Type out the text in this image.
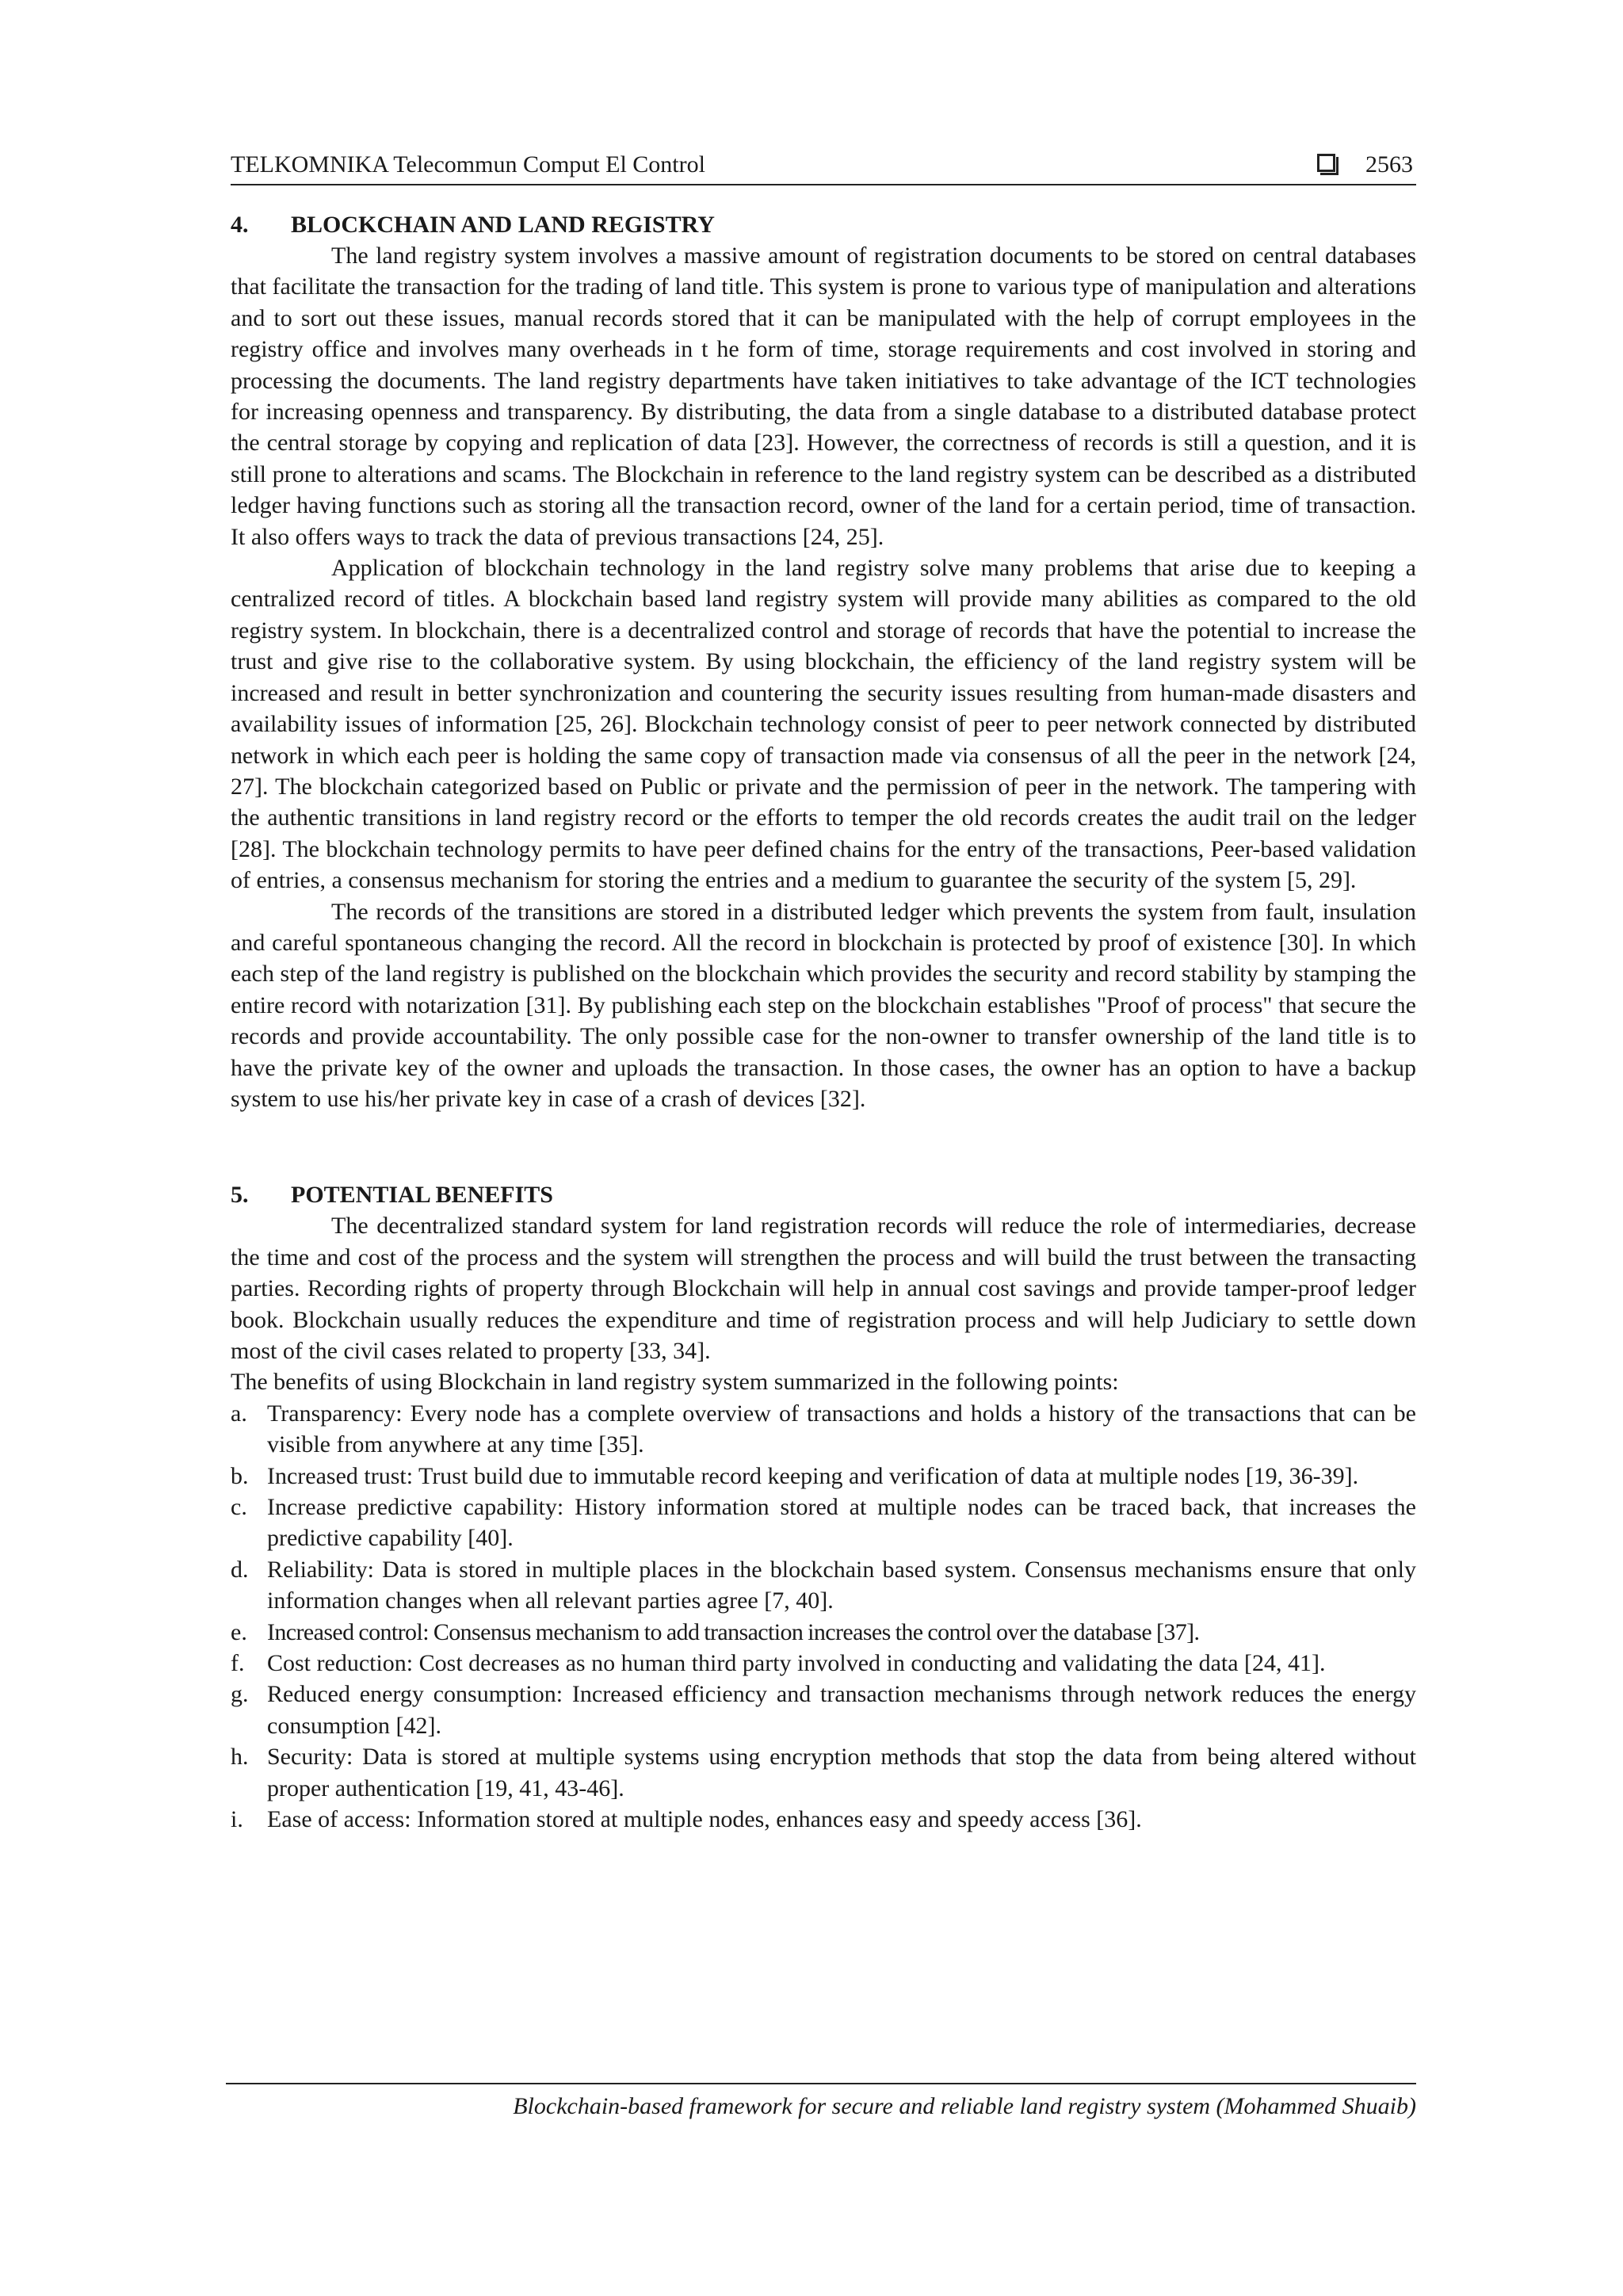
TELKOMNIKA Telecommun Comput El Control	2563
4.	BLOCKCHAIN AND LAND REGISTRY

The land registry system involves a massive amount of registration documents to be stored on central databases that facilitate the transaction for the trading of land title. This system is prone to various type of manipulation and alterations and to sort out these issues, manual records stored that it can be manipulated with the help of corrupt employees in the registry office and involves many overheads in t he form of time, storage requirements and cost involved in storing and processing the documents. The land registry departments have taken initiatives to take advantage of the ICT technologies for increasing openness and transparency. By distributing, the data from a single database to a distributed database protect the central storage by copying and replication of data [23]. However, the correctness of records is still a question, and it is still prone to alterations and scams. The Blockchain in reference to the land registry system can be described as a distributed ledger having functions such as storing all the transaction record, owner of the land for a certain period, time of transaction. It also offers ways to track the data of previous transactions [24, 25].

Application of blockchain technology in the land registry solve many problems that arise due to keeping a centralized record of titles. A blockchain based land registry system will provide many abilities as compared to the old registry system. In blockchain, there is a decentralized control and storage of records that have the potential to increase the trust and give rise to the collaborative system. By using blockchain, the efficiency of the land registry system will be increased and result in better synchronization and countering the security issues resulting from human-made disasters and availability issues of information [25, 26]. Blockchain technology consist of peer to peer network connected by distributed network in which each peer is holding the same copy of transaction made via consensus of all the peer in the network [24, 27]. The blockchain categorized based on Public or private and the permission of peer in the network. The tampering with the authentic transitions in land registry record or the efforts to temper the old records creates the audit trail on the ledger [28]. The blockchain technology permits to have peer defined chains for the entry of the transactions, Peer-based validation of entries, a consensus mechanism for storing the entries and a medium to guarantee the security of the system [5, 29].

The records of the transitions are stored in a distributed ledger which prevents the system from fault, insulation and careful spontaneous changing the record. All the record in blockchain is protected by proof of existence [30]. In which each step of the land registry is published on the blockchain which provides the security and record stability by stamping the entire record with notarization [31]. By publishing each step on the blockchain establishes "Proof of process" that secure the records and provide accountability. The only possible case for the non-owner to transfer ownership of the land title is to have the private key of the owner and uploads the transaction. In those cases, the owner has an option to have a backup system to use his/her private key in case of a crash of devices [32].

5.	POTENTIAL BENEFITS

The decentralized standard system for land registration records will reduce the role of intermediaries, decrease the time and cost of the process and the system will strengthen the process and will build the trust between the transacting parties. Recording rights of property through Blockchain will help in annual cost savings and provide tamper-proof ledger book. Blockchain usually reduces the expenditure and time of registration process and will help Judiciary to settle down most of the civil cases related to property [33, 34].

The benefits of using Blockchain in land registry system summarized in the following points:

a. Transparency: Every node has a complete overview of transactions and holds a history of the transactions that can be visible from anywhere at any time [35].
b. Increased trust: Trust build due to immutable record keeping and verification of data at multiple nodes [19, 36-39].
c. Increase predictive capability: History information stored at multiple nodes can be traced back, that increases the predictive capability [40].
d. Reliability: Data is stored in multiple places in the blockchain based system. Consensus mechanisms ensure that only information changes when all relevant parties agree [7, 40].
e. Increased control: Consensus mechanism to add transaction increases the control over the database [37].
f. Cost reduction: Cost decreases as no human third party involved in conducting and validating the data [24, 41].
g. Reduced energy consumption: Increased efficiency and transaction mechanisms through network reduces the energy consumption [42].
h. Security: Data is stored at multiple systems using encryption methods that stop the data from being altered without proper authentication [19, 41, 43-46].
i.	Ease of access: Information stored at multiple nodes, enhances easy and speedy access [36].
Blockchain-based framework for secure and reliable land registry system (Mohammed Shuaib)
